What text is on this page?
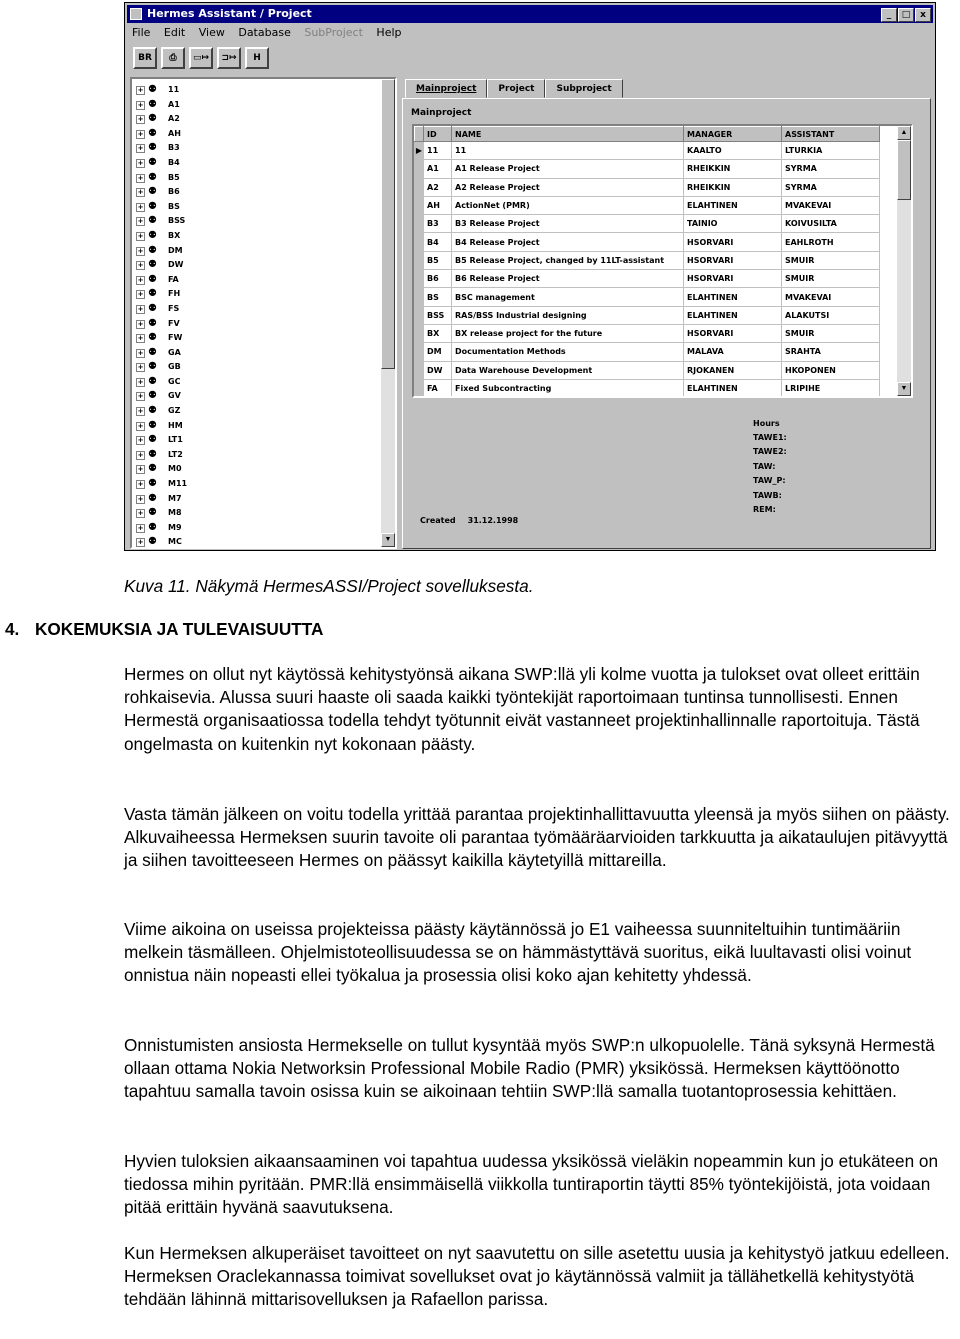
Hermes Assistant / Project	_ □ x
File Edit View Database SubProject Help
BR ⎙ ▭↦ ⊐↦ H
+ ⚉ 11
+ ⚉ A1
+ ⚉ A2
+ ⚉ AH
+ ⚉ B3
+ ⚉ B4
+ ⚉ B5
+ ⚉ B6
+ ⚉ BS
+ ⚉ BSS
+ ⚉ BX
+ ⚉ DM
+ ⚉ DW
+ ⚉ FA
+ ⚉ FH
+ ⚉ FS
+ ⚉ FV
+ ⚉ FW
+ ⚉ GA
+ ⚉ GB
+ ⚉ GC
+ ⚉ GV
+ ⚉ GZ
+ ⚉ HM
+ ⚉ LT1
+ ⚉ LT2
+ ⚉ M0
+ ⚉ M11
+ ⚉ M7
+ ⚉ M8
+ ⚉ M9
+ ⚉ MC	▼
Mainproject Project Subproject
Mainproject
	ID	NAME	MANAGER	ASSISTANT
▶	11	11	KAALTO	LTURKIA
	A1	A1 Release Project	RHEIKKIN	SYRMA
	A2	A2 Release Project	RHEIKKIN	SYRMA
	AH	ActionNet (PMR)	ELAHTINEN	MVAKEVAI
	B3	B3 Release Project	TAINIO	KOIVUSILTA
	B4	B4 Release Project	HSORVARI	EAHLROTH
	B5	B5 Release Project, changed by 11LT-assistant	HSORVARI	SMUIR
	B6	B6 Release Project	HSORVARI	SMUIR
	BS	BSC management	ELAHTINEN	MVAKEVAI
	BSS	RAS/BSS Industrial designing	ELAHTINEN	ALAKUTSI
	BX	BX release project for the future	HSORVARI	SMUIR
	DM	Documentation Methods	MALAVA	SRAHTA
	DW	Data Warehouse Development	RJOKANEN	HKOPONEN
	FA	Fixed Subcontracting	ELAHTINEN	LRIPIHE
▲
▼
Hours
TAWE1:
TAWE2:
TAW:
TAW_P:
TAWB:
REM:
Created 31.12.1998
Kuva 11. Näkymä HermesASSI/Project sovelluksesta.
4. KOKEMUKSIA JA TULEVAISUUTTA

Hermes on ollut nyt käytössä kehitystyönsä aikana SWP:llä yli kolme vuotta ja tulokset ovat olleet erittäin rohkaisevia. Alussa suuri haaste oli saada kaikki työntekijät raportoimaan tuntinsa tunnollisesti. Ennen Hermestä organisaatiossa todella tehdyt työtunnit eivät vastanneet projektinhallinnalle raportoituja. Tästä ongelmasta on kuitenkin nyt kokonaan päästy.

Vasta tämän jälkeen on voitu todella yrittää parantaa projektinhallittavuutta yleensä ja myös siihen on päästy. Alkuvaiheessa Hermeksen suurin tavoite oli parantaa työmääräarvioiden tarkkuutta ja aikataulujen pitävyyttä ja siihen tavoitteeseen Hermes on päässyt kaikilla käytetyillä mittareilla.

Viime aikoina on useissa projekteissa päästy käytännössä jo E1 vaiheessa suunniteltuihin tuntimääriin melkein täsmälleen. Ohjelmistoteollisuudessa se on hämmästyttävä suoritus, eikä luultavasti olisi voinut onnistua näin nopeasti ellei työkalua ja prosessia olisi koko ajan kehitetty yhdessä.

Onnistumisten ansiosta Hermekselle on tullut kysyntää myös SWP:n ulkopuolelle. Tänä syksynä Hermestä ollaan ottama Nokia Networksin Professional Mobile Radio (PMR) yksikössä. Hermeksen käyttöönotto tapahtuu samalla tavoin osissa kuin se aikoinaan tehtiin SWP:llä samalla tuotantoprosessia kehittäen.

Hyvien tuloksien aikaansaaminen voi tapahtua uudessa yksikössä vieläkin nopeammin kun jo etukäteen on tiedossa mihin pyritään. PMR:llä ensimmäisellä viikkolla tuntiraportin täytti 85% työntekijöistä, jota voidaan pitää erittäin hyvänä saavutuksena.

Kun Hermeksen alkuperäiset tavoitteet on nyt saavutettu on sille asetettu uusia ja kehitystyö jatkuu edelleen. Hermeksen Oraclekannassa toimivat sovellukset ovat jo käytännössä valmiit ja tällähetkellä kehitystyötä tehdään lähinnä mittarisovelluksen ja Rafaellon parissa.
